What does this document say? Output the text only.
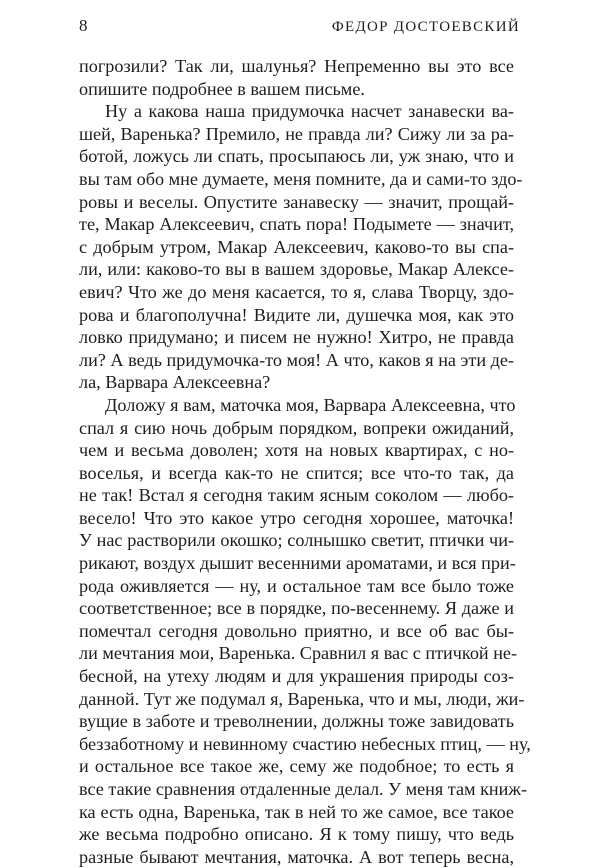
8	ФЕДОР ДОСТОЕВСКИЙ
погрозили? Так ли, шалунья? Непременно вы это все
опишите подробнее в вашем письме.
Ну а какова наша придумочка насчет занавески ва-
шей, Варенька? Премило, не правда ли? Сижу ли за ра-
ботой, ложусь ли спать, просыпаюсь ли, уж знаю, что и
вы там обо мне думаете, меня помните, да и сами-то здо-
ровы и веселы. Опустите занавеску — значит, прощай-
те, Макар Алексеевич, спать пора! Подымете — значит,
с добрым утром, Макар Алексеевич, каково-то вы спа-
ли, или: каково-то вы в вашем здоровье, Макар Алексе-
евич? Что же до меня касается, то я, слава Творцу, здо-
рова и благополучна! Видите ли, душечка моя, как это
ловко придумано; и писем не нужно! Хитро, не правда
ли? А ведь придумочка-то моя! А что, каков я на эти де-
ла, Варвара Алексеевна?
Доложу я вам, маточка моя, Варвара Алексеевна, что
спал я сию ночь добрым порядком, вопреки ожиданий,
чем и весьма доволен; хотя на новых квартирах, с но-
воселья, и всегда как-то не спится; все что-то так, да
не так! Встал я сегодня таким ясным соколом — любо-
весело! Что это какое утро сегодня хорошее, маточка!
У нас растворили окошко; солнышко светит, птички чи-
рикают, воздух дышит весенними ароматами, и вся при-
рода оживляется — ну, и остальное там все было тоже
соответственное; все в порядке, по-весеннему. Я даже и
помечтал сегодня довольно приятно, и все об вас бы-
ли мечтания мои, Варенька. Сравнил я вас с птичкой не-
бесной, на утеху людям и для украшения природы соз-
данной. Тут же подумал я, Варенька, что и мы, люди, жи-
вущие в заботе и треволнении, должны тоже завидовать
беззаботному и невинному счастию небесных птиц, — ну,
и остальное все такое же, сему же подобное; то есть я
все такие сравнения отдаленные делал. У меня там книж-
ка есть одна, Варенька, так в ней то же самое, все такое
же весьма подробно описано. Я к тому пишу, что ведь
разные бывают мечтания, маточка. А вот теперь весна,
